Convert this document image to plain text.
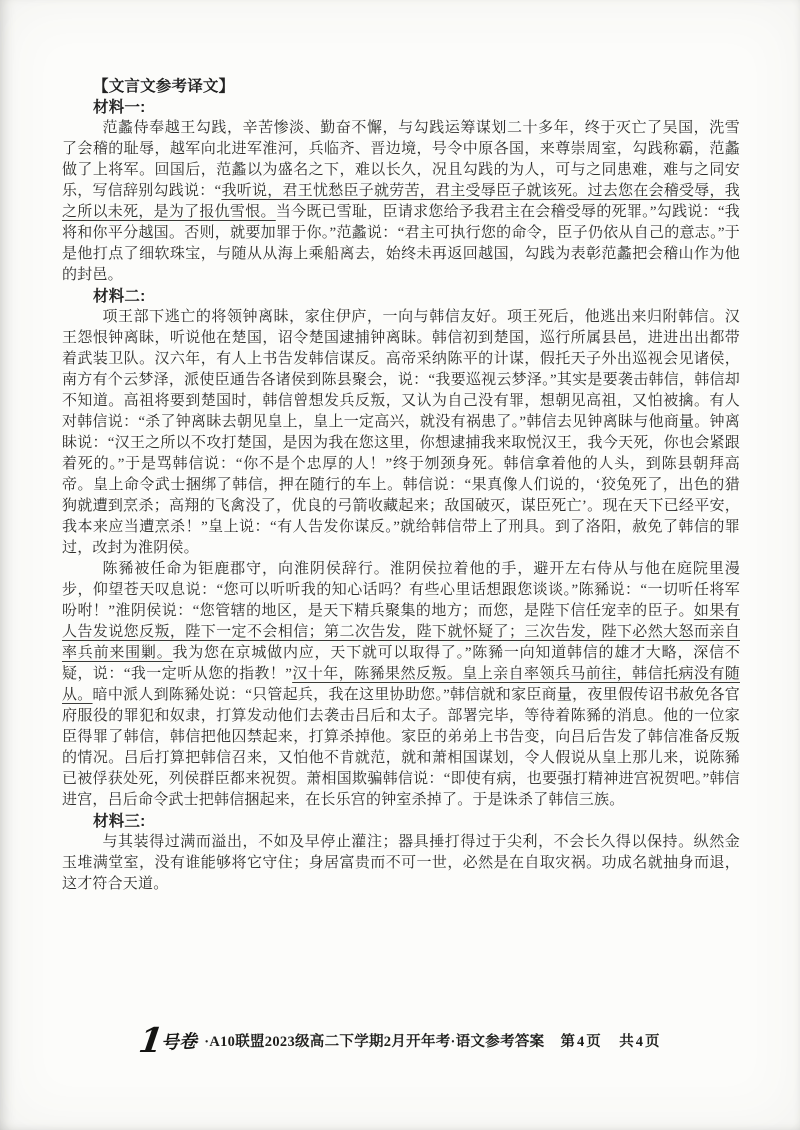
【文言文参考译文】
材料一:

范蠡侍奉越王勾践，辛苦惨淡、勤奋不懈，与勾践运筹谋划二十多年，终于灭亡了吴国，洗雪了会稽的耻辱，越军向北进军淮河，兵临齐、晋边境，号令中原各国，来尊崇周室，勾践称霸，范蠡做了上将军。回国后，范蠡以为盛名之下，难以长久，况且勾践的为人，可与之同患难，难与之同安乐，写信辞别勾践说：“我听说，君王忧愁臣子就劳苦，君主受辱臣子就该死。过去您在会稽受辱，我之所以未死，是为了报仇雪恨。当今既已雪耻，臣请求您给予我君主在会稽受辱的死罪。”勾践说：“我将和你平分越国。否则，就要加罪于你。”范蠡说：“君主可执行您的命令，臣子仍依从自己的意志。”于是他打点了细软珠宝，与随从从海上乘船离去，始终未再返回越国，勾践为表彰范蠡把会稽山作为他的封邑。

材料二:

项王部下逃亡的将领钟离眛，家住伊庐，一向与韩信友好。项王死后，他逃出来归附韩信。汉王怨恨钟离眛，听说他在楚国，诏令楚国逮捕钟离眛。韩信初到楚国，巡行所属县邑，进进出出都带着武装卫队。汉六年，有人上书告发韩信谋反。高帝采纳陈平的计谋，假托天子外出巡视会见诸侯，南方有个云梦泽，派使臣通告各诸侯到陈县聚会，说：“我要巡视云梦泽。”其实是要袭击韩信，韩信却不知道。高祖将要到楚国时，韩信曾想发兵反叛，又认为自己没有罪，想朝见高祖，又怕被擒。有人对韩信说：“杀了钟离眛去朝见皇上，皇上一定高兴，就没有祸患了。”韩信去见钟离眛与他商量。钟离眛说：“汉王之所以不攻打楚国，是因为我在您这里，你想逮捕我来取悦汉王，我今天死，你也会紧跟着死的。”于是骂韩信说：“你不是个忠厚的人！”终于刎颈身死。韩信拿着他的人头，到陈县朝拜高帝。皇上命令武士捆绑了韩信，押在随行的车上。韩信说：“果真像人们说的，‘狡兔死了，出色的猎狗就遭到烹杀；高翔的飞禽没了，优良的弓箭收藏起来；敌国破灭，谋臣死亡’。现在天下已经平安，我本来应当遭烹杀！”皇上说：“有人告发你谋反。”就给韩信带上了刑具。到了洛阳，赦免了韩信的罪过，改封为淮阴侯。

陈豨被任命为钜鹿郡守，向淮阴侯辞行。淮阴侯拉着他的手，避开左右侍从与他在庭院里漫步，仰望苍天叹息说：“您可以听听我的知心话吗？有些心里话想跟您谈谈。”陈豨说：“一切听任将军吩咐！”淮阴侯说：“您管辖的地区，是天下精兵聚集的地方；而您，是陛下信任宠幸的臣子。如果有人告发说您反叛，陛下一定不会相信；第二次告发，陛下就怀疑了；三次告发，陛下必然大怒而亲自率兵前来围剿。我为您在京城做内应，天下就可以取得了。”陈豨一向知道韩信的雄才大略，深信不疑，说：“我一定听从您的指教！”汉十年，陈豨果然反叛。皇上亲自率领兵马前往，韩信托病没有随从。暗中派人到陈豨处说：“只管起兵，我在这里协助您。”韩信就和家臣商量，夜里假传诏书赦免各官府服役的罪犯和奴隶，打算发动他们去袭击吕后和太子。部署完毕，等待着陈豨的消息。他的一位家臣得罪了韩信，韩信把他囚禁起来，打算杀掉他。家臣的弟弟上书告变，向吕后告发了韩信准备反叛的情况。吕后打算把韩信召来，又怕他不肯就范，就和萧相国谋划，令人假说从皇上那儿来，说陈豨已被俘获处死，列侯群臣都来祝贺。萧相国欺骗韩信说：“即使有病，也要强打精神进宫祝贺吧。”韩信进宫，吕后命令武士把韩信捆起来，在长乐宫的钟室杀掉了。于是诛杀了韩信三族。

材料三:

与其装得过满而溢出，不如及早停止灌注；器具捶打得过于尖利，不会长久得以保持。纵然金玉堆满堂室，没有谁能够将它守住；身居富贵而不可一世，必然是在自取灾祸。功成名就抽身而退，这才符合天道。

1号卷 ·A10联盟2023级高二下学期2月开年考·语文参考答案 第4页　共4页
